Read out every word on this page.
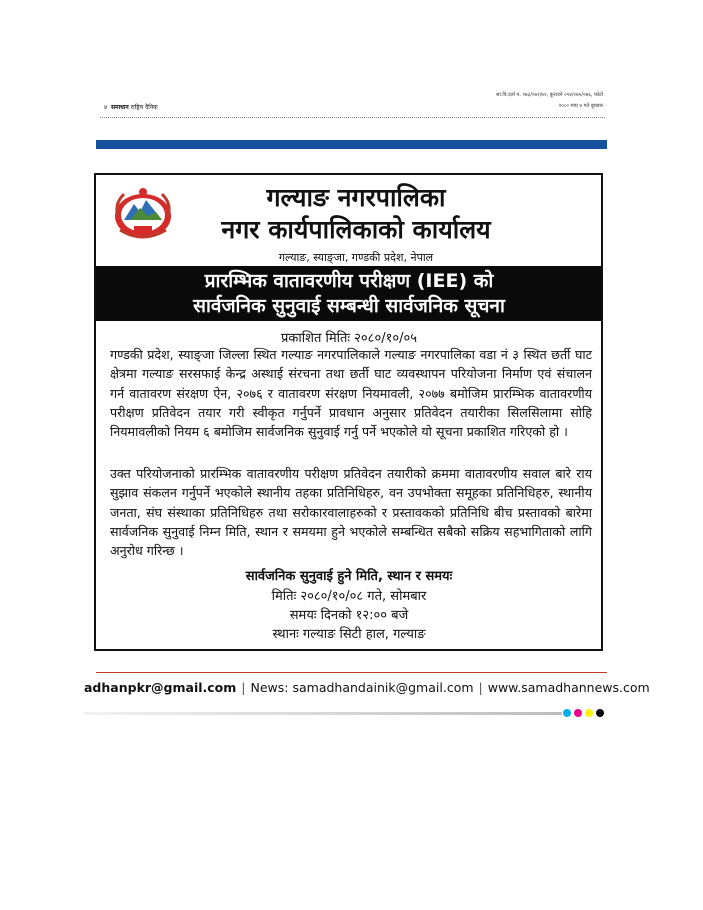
सा.वि.दर्ता नं. १७३/०७१/७२, कुराउने ०९४/०७५/०७६, फोटो
४ समाधान राष्ट्रिय दैनिक	२०८० माघ ४ गते बुधबार
गल्याङ नगरपालिका
नगर कार्यपालिकाको कार्यालय
गल्याङ, स्याङ्जा, गण्डकी प्रदेश, नेपाल
प्रारम्भिक वातावरणीय परीक्षण (IEE) को
सार्वजनिक सुनुवाई सम्बन्धी सार्वजनिक सूचना
प्रकाशित मितिः २०८०/१०/०५
गण्डकी प्रदेश, स्याङ्जा जिल्ला स्थित गल्याङ नगरपालिकाले गल्याङ नगरपालिका वडा नं ३ स्थित छर्ती घाट क्षेत्रमा गल्याङ सरसफाई केन्द्र अस्थाई संरचना तथा छर्ती घाट व्यवस्थापन परियोजना निर्माण एवं संचालन गर्न वातावरण संरक्षण ऐन, २०७६ र वातावरण संरक्षण नियमावली, २०७७ बमोजिम प्रारम्भिक वातावरणीय परीक्षण प्रतिवेदन तयार गरी स्वीकृत गर्नुपर्ने प्रावधान अनुसार प्रतिवेदन तयारीका सिलसिलामा सोहि नियमावलीको नियम ६ बमोजिम सार्वजनिक सुनुवाई गर्नु पर्ने भएकोले यो सूचना प्रकाशित गरिएको हो ।
उक्त परियोजनाको प्रारम्भिक वातावरणीय परीक्षण प्रतिवेदन तयारीको क्रममा वातावरणीय सवाल बारे राय सुझाव संकलन गर्नुपर्ने भएकोले स्थानीय तहका प्रतिनिधिहरु, वन उपभोक्ता समूहका प्रतिनिधिहरु, स्थानीय जनता, संघ संस्थाका प्रतिनिधिहरु तथा सरोकारवालाहरुको र प्रस्तावकको प्रतिनिधि बीच प्रस्तावको बारेमा सार्वजनिक सुनुवाई निम्न मिति, स्थान र समयमा हुने भएकोले सम्बन्धित सबैको सक्रिय सहभागिताको लागि अनुरोध गरिन्छ ।
सार्वजनिक सुनुवाई हुने मिति, स्थान र समयः
मितिः २०८०/१०/०८ गते, सोमबार
समयः दिनको १२:०० बजे
स्थानः गल्याङ सिटी हाल, गल्याङ
adhanpkr@gmail.com | News: samadhandainik@gmail.com | www.samadhannews.com
